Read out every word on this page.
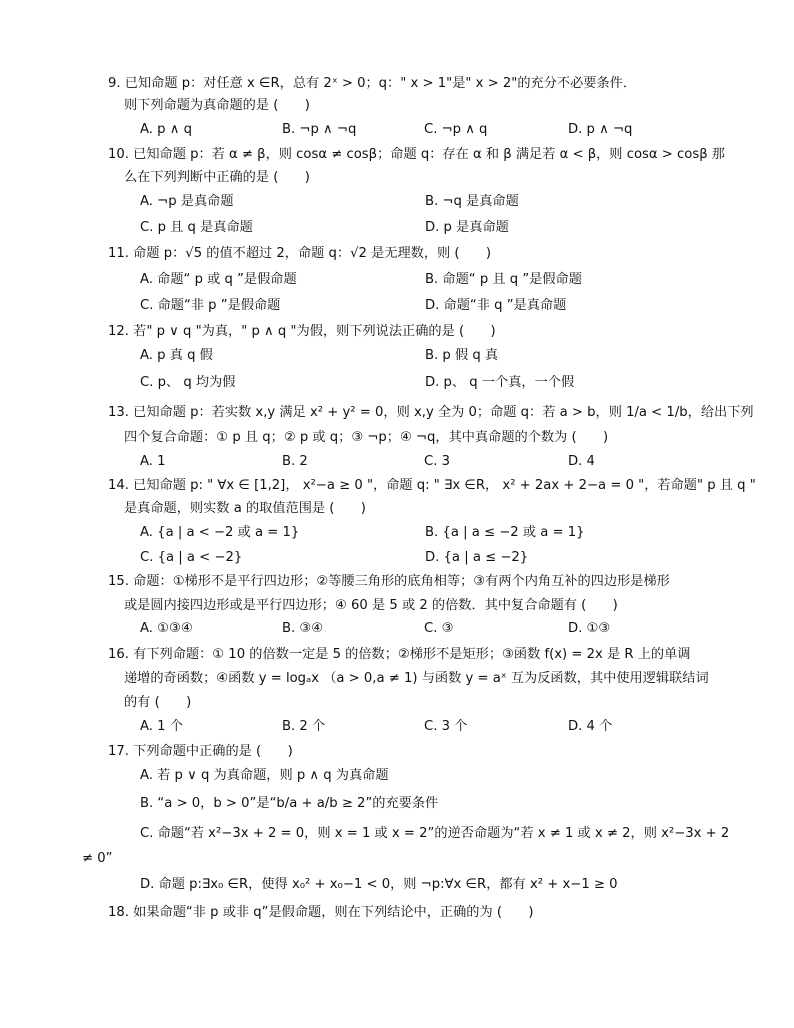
9. 已知命题 p：对任意 x ∈R，总有 2ˣ > 0；q：" x > 1"是" x > 2"的充分不必要条件．
则下列命题为真命题的是 (　　)
A. p ∧ q	B. ¬p ∧ ¬q	C. ¬p ∧ q	D. p ∧ ¬q
10. 已知命题 p：若 α ≠ β，则 cosα ≠ cosβ；命题 q：存在 α 和 β 满足若 α < β，则 cosα > cosβ 那
么在下列判断中正确的是 (　　)
A. ¬p 是真命题	B. ¬q 是真命题
C. p 且 q 是真命题	D. p 是真命题
11. 命题 p：√5 的值不超过 2，命题 q：√2 是无理数，则 (　　)
A. 命题“ p 或 q ”是假命题	B. 命题“ p 且 q ”是假命题
C. 命题“非 p ”是假命题	D. 命题“非 q ”是真命题
12. 若" p ∨ q "为真，" p ∧ q "为假，则下列说法正确的是 (　　)
A. p 真 q 假	B. p 假 q 真
C. p、 q 均为假	D. p、 q 一个真，一个假
13. 已知命题 p：若实数 x,y 满足 x² + y² = 0，则 x,y 全为 0；命题 q：若 a > b，则 1/a < 1/b，给出下列
四个复合命题：① p 且 q；② p 或 q；③ ¬p；④ ¬q，其中真命题的个数为 (　　)
A. 1	B. 2	C. 3	D. 4
14. 已知命题 p: " ∀x ∈ [1,2]， x²−a ≥ 0 "，命题 q: " ∃x ∈R， x² + 2ax + 2−a = 0 "，若命题" p 且 q "
是真命题，则实数 a 的取值范围是 (　　)
A. {a | a < −2 或 a = 1}	B. {a | a ≤ −2 或 a = 1}
C. {a | a < −2}	D. {a | a ≤ −2}
15. 命题：①梯形不是平行四边形；②等腰三角形的底角相等；③有两个内角互补的四边形是梯形
或是圆内接四边形或是平行四边形；④ 60 是 5 或 2 的倍数．其中复合命题有 (　　)
A. ①③④	B. ③④	C. ③	D. ①③
16. 有下列命题：① 10 的倍数一定是 5 的倍数；②梯形不是矩形；③函数 f(x) = 2x 是 R 上的单调
递增的奇函数；④函数 y = logₐx （a > 0,a ≠ 1) 与函数 y = aˣ 互为反函数，其中使用逻辑联结词
的有 (　　)
A. 1 个	B. 2 个	C. 3 个	D. 4 个
17. 下列命题中正确的是 (　　)
A. 若 p ∨ q 为真命题，则 p ∧ q 为真命题
B. “a > 0，b > 0”是“b/a + a/b ≥ 2”的充要条件
C. 命题“若 x²−3x + 2 = 0，则 x = 1 或 x = 2”的逆否命题为“若 x ≠ 1 或 x ≠ 2，则 x²−3x + 2
≠ 0”
D. 命题 p:∃x₀ ∈R，使得 x₀² + x₀−1 < 0，则 ¬p:∀x ∈R，都有 x² + x−1 ≥ 0
18. 如果命题“非 p 或非 q”是假命题，则在下列结论中，正确的为 (　　)
